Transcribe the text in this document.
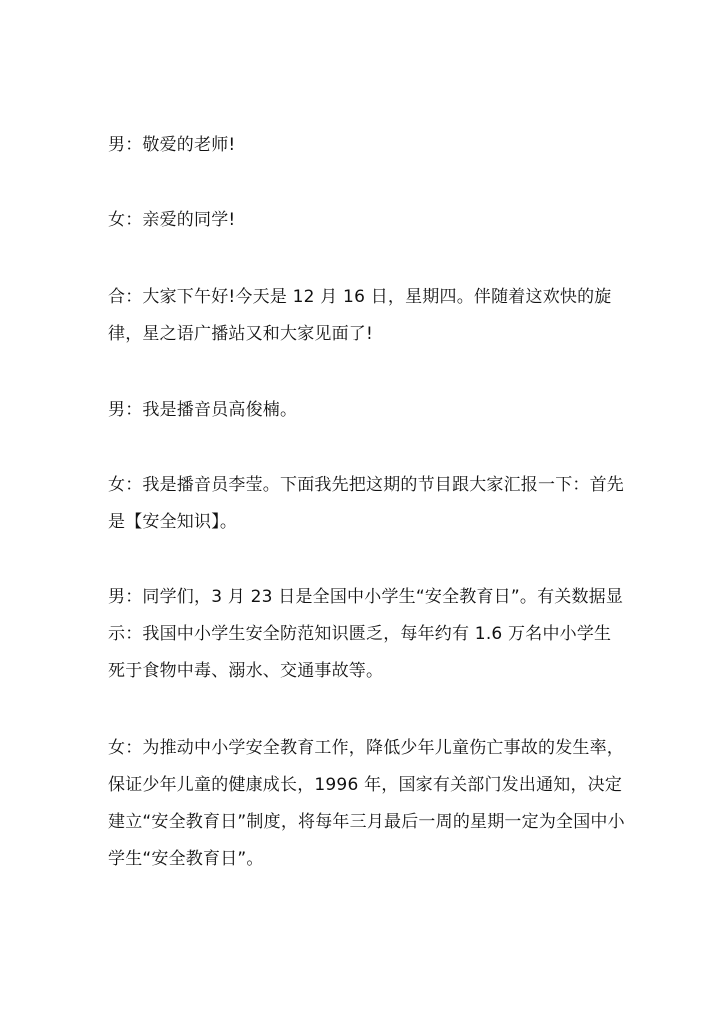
男：敬爱的老师!

女：亲爱的同学!

合：大家下午好!今天是 12 月 16 日，星期四。伴随着这欢快的旋律，星之语广播站又和大家见面了!

男：我是播音员高俊楠。

女：我是播音员李莹。下面我先把这期的节目跟大家汇报一下：首先是【安全知识】。

男：同学们，3 月 23 日是全国中小学生“安全教育日”。有关数据显示：我国中小学生安全防范知识匮乏，每年约有 1.6 万名中小学生死于食物中毒、溺水、交通事故等。

女：为推动中小学安全教育工作，降低少年儿童伤亡事故的发生率，保证少年儿童的健康成长，1996 年，国家有关部门发出通知，决定建立“安全教育日”制度，将每年三月最后一周的星期一定为全国中小学生“安全教育日”。
